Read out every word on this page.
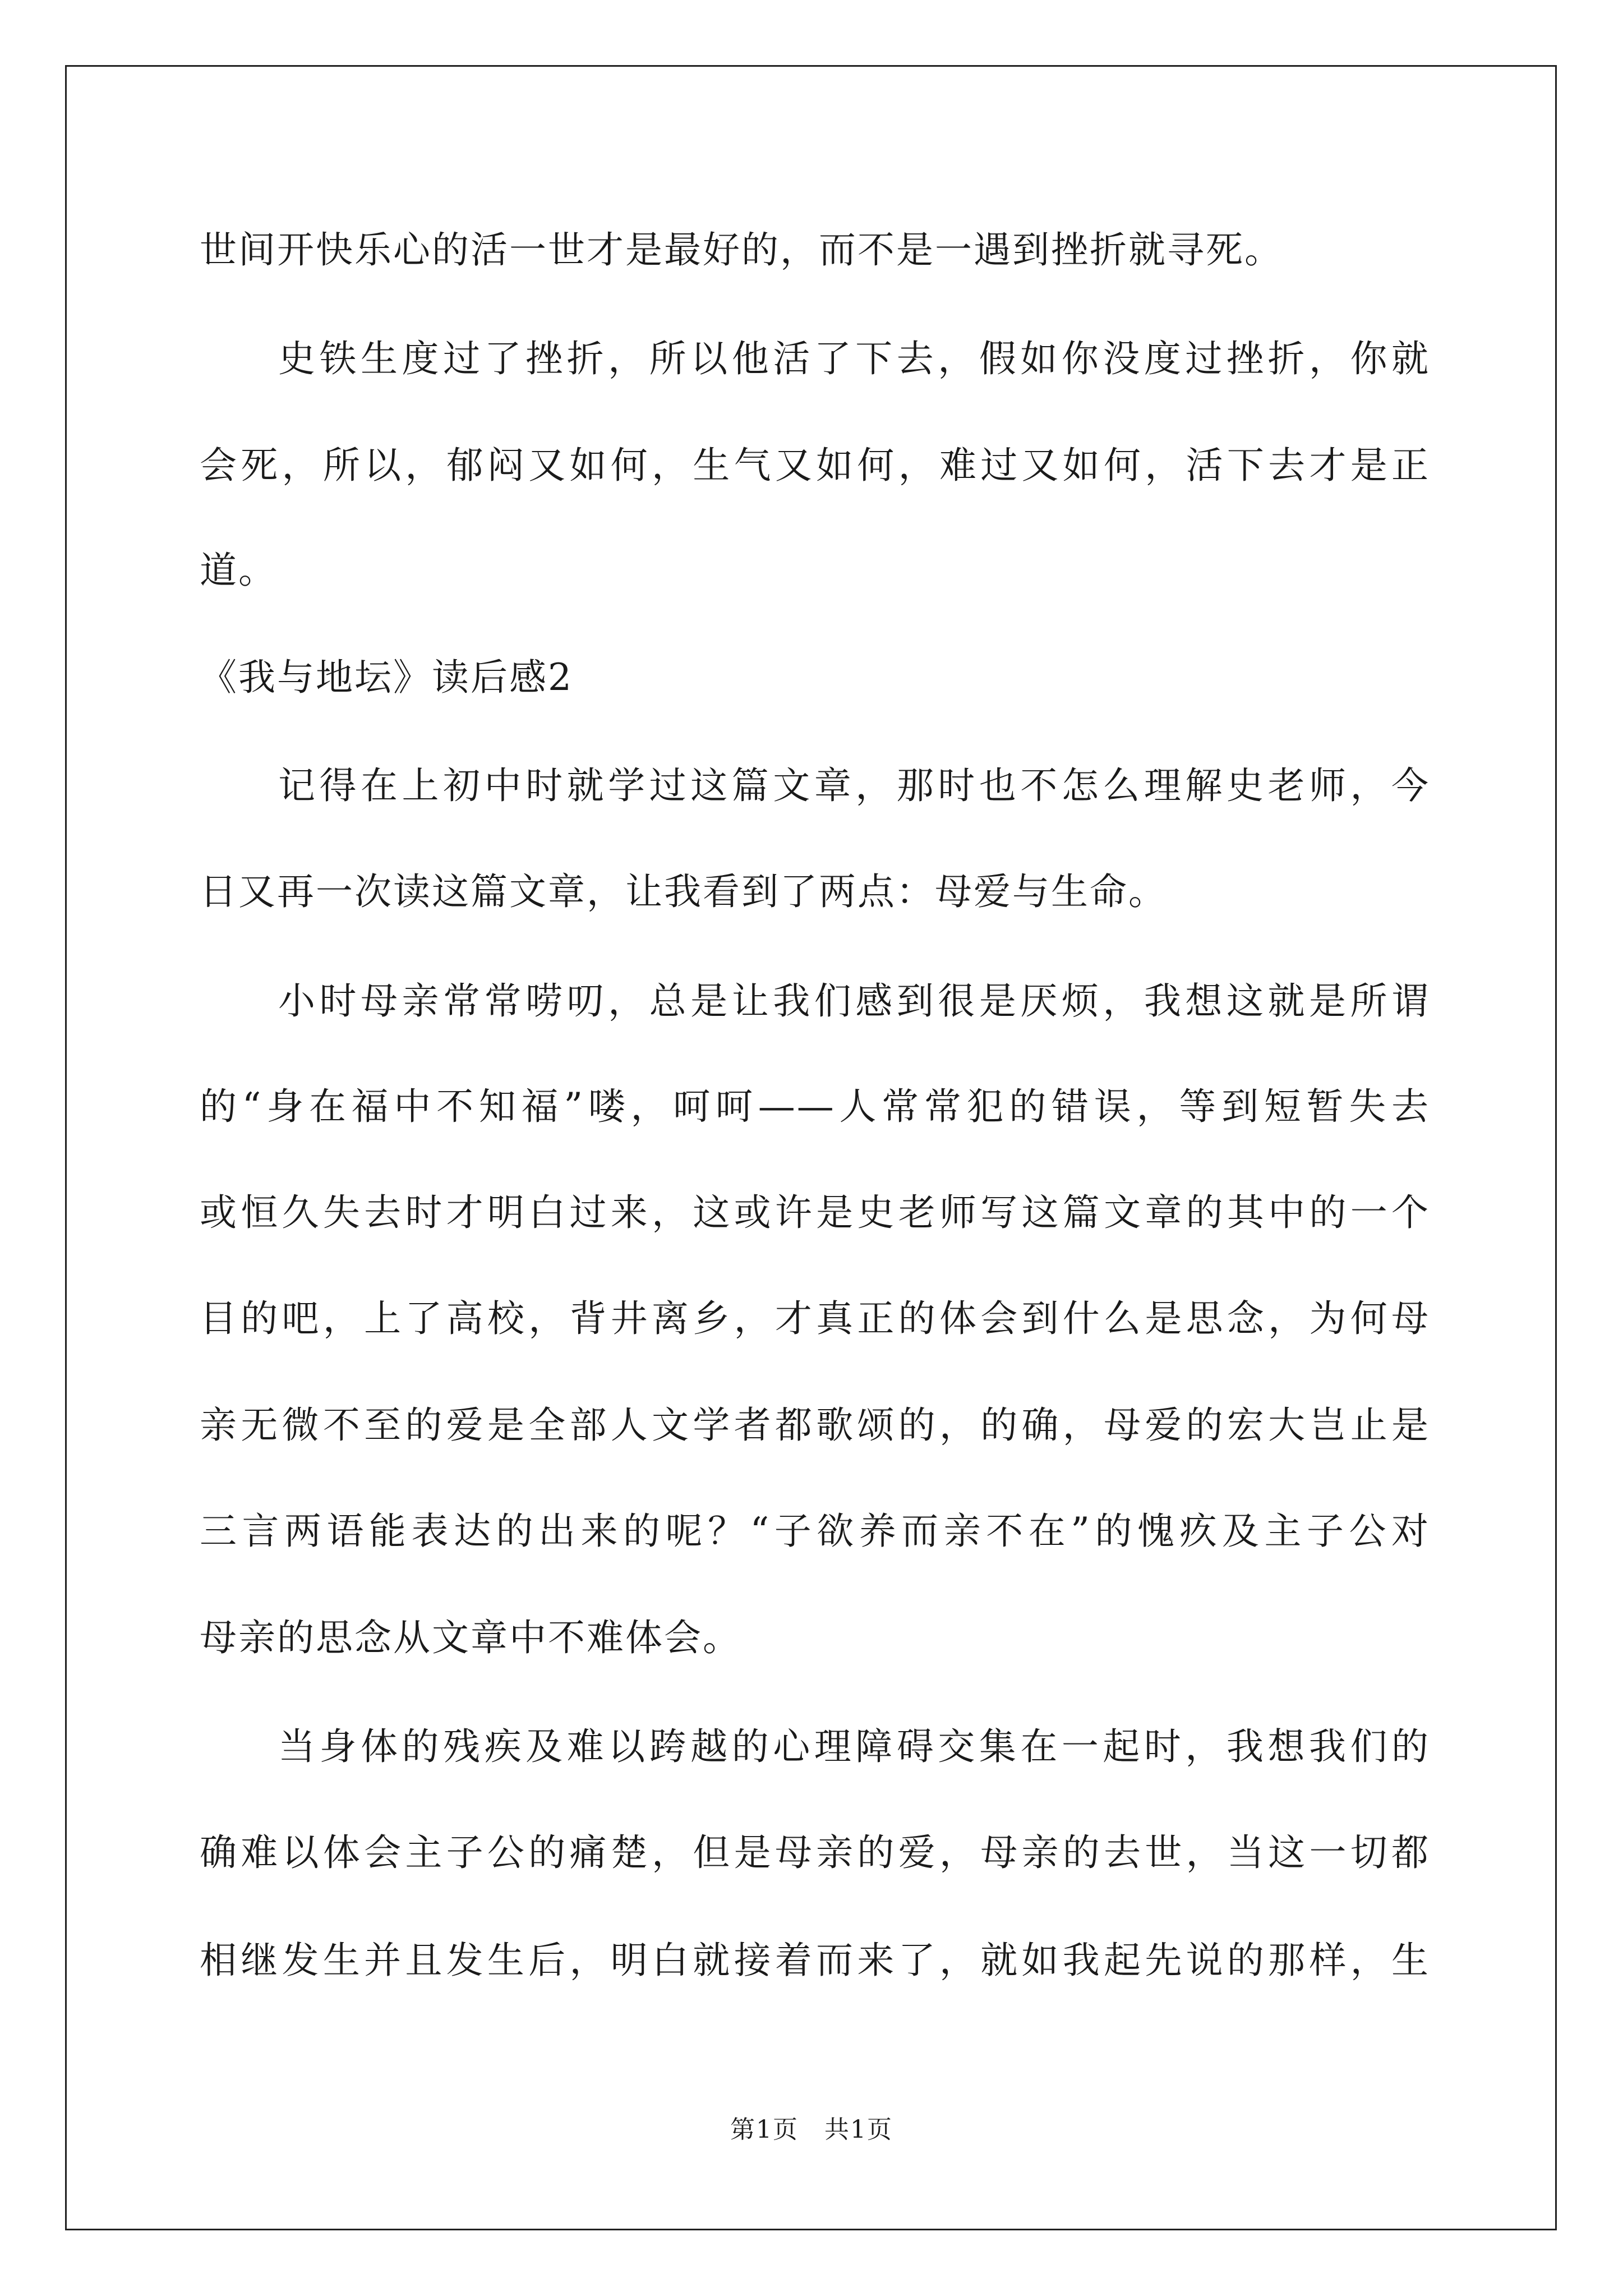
世间开快乐心的活一世才是最好的，而不是一遇到挫折就寻死。
史铁生度过了挫折，所以他活了下去，假如你没度过挫折，你就
会死，所以，郁闷又如何，生气又如何，难过又如何，活下去才是正
道。
《我与地坛》读后感2
记得在上初中时就学过这篇文章，那时也不怎么理解史老师，今
日又再一次读这篇文章，让我看到了两点：母爱与生命。
小时母亲常常唠叨，总是让我们感到很是厌烦，我想这就是所谓
的“身在福中不知福”喽，呵呵——人常常犯的错误，等到短暂失去
或恒久失去时才明白过来，这或许是史老师写这篇文章的其中的一个
目的吧，上了高校，背井离乡，才真正的体会到什么是思念，为何母
亲无微不至的爱是全部人文学者都歌颂的，的确，母爱的宏大岂止是
三言两语能表达的出来的呢？“子欲养而亲不在”的愧疚及主子公对
母亲的思念从文章中不难体会。
当身体的残疾及难以跨越的心理障碍交集在一起时，我想我们的
确难以体会主子公的痛楚，但是母亲的爱，母亲的去世，当这一切都
相继发生并且发生后，明白就接着而来了，就如我起先说的那样，生
第1页　共1页
